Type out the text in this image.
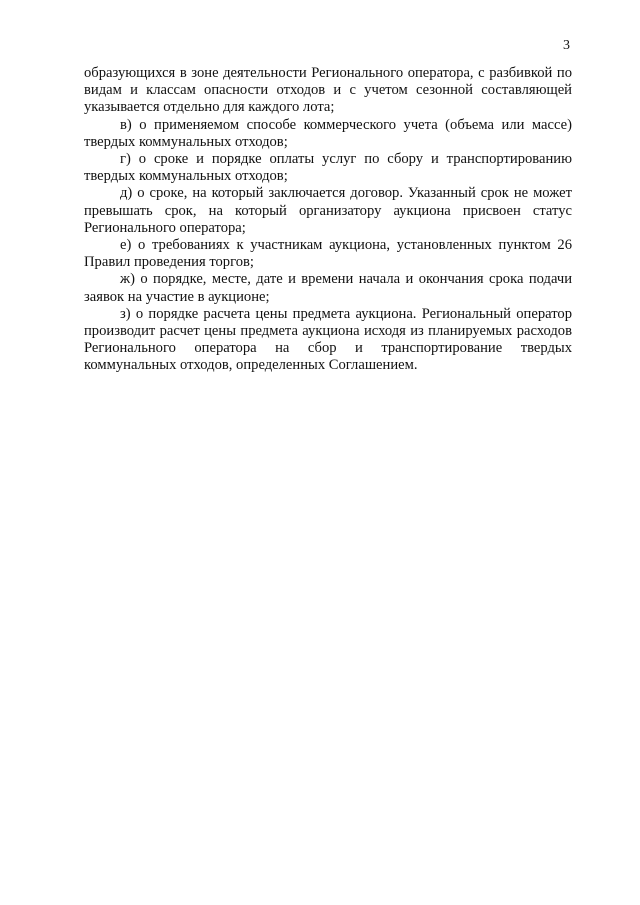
3

образующихся в зоне деятельности Регионального оператора, с разбивкой по видам и классам опасности отходов и с учетом сезонной составляющей указывается отдельно для каждого лота;

в) о применяемом способе коммерческого учета (объема или массе) твердых коммунальных отходов;

г) о сроке и порядке оплаты услуг по сбору и транспортированию твердых коммунальных отходов;

д) о сроке, на который заключается договор. Указанный срок не может превышать срок, на который организатору аукциона присвоен статус Регионального оператора;

е) о требованиях к участникам аукциона, установленных пунктом 26 Правил проведения торгов;

ж) о порядке, месте, дате и времени начала и окончания срока подачи заявок на участие в аукционе;

з) о порядке расчета цены предмета аукциона. Региональный оператор производит расчет цены предмета аукциона исходя из планируемых расходов Регионального оператора на сбор и транспортирование твердых коммунальных отходов, определенных Соглашением.
